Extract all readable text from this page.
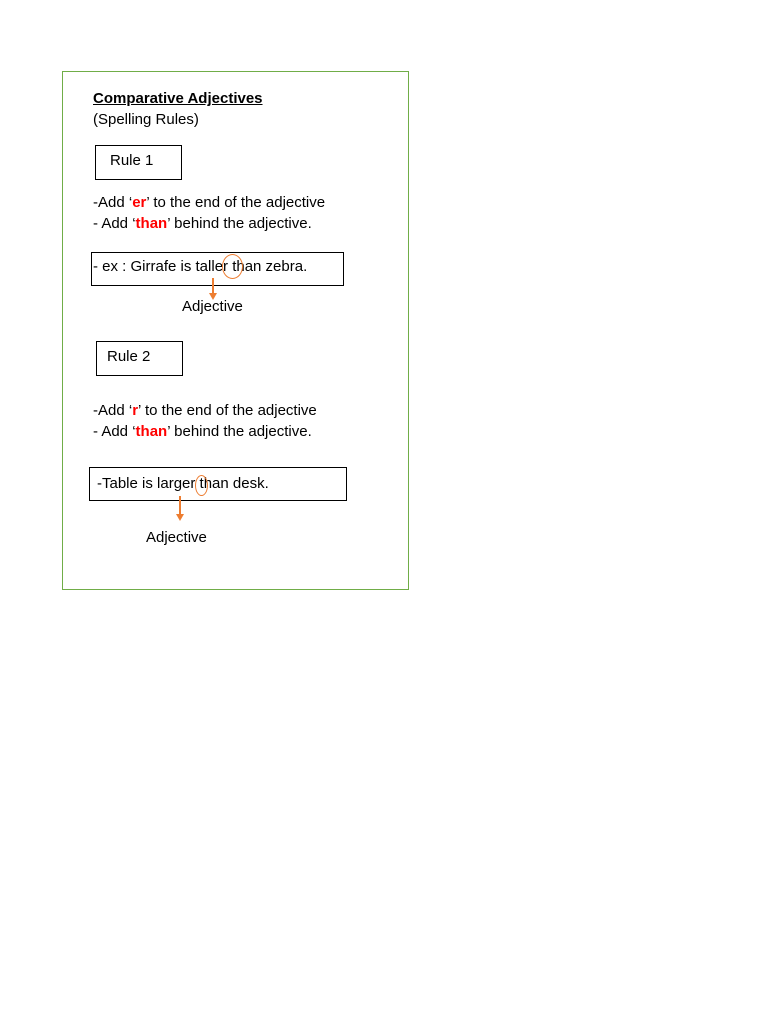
Comparative Adjectives
(Spelling Rules)
Rule 1
-Add ‘er’ to the end of the adjective
- Add ‘than’ behind the adjective.
- ex : Girrafe is taller than zebra.
Adjective
Rule 2
-Add ‘r’ to the end of the adjective
- Add ‘than’ behind the adjective.
-Table is larger than desk.
Adjective
